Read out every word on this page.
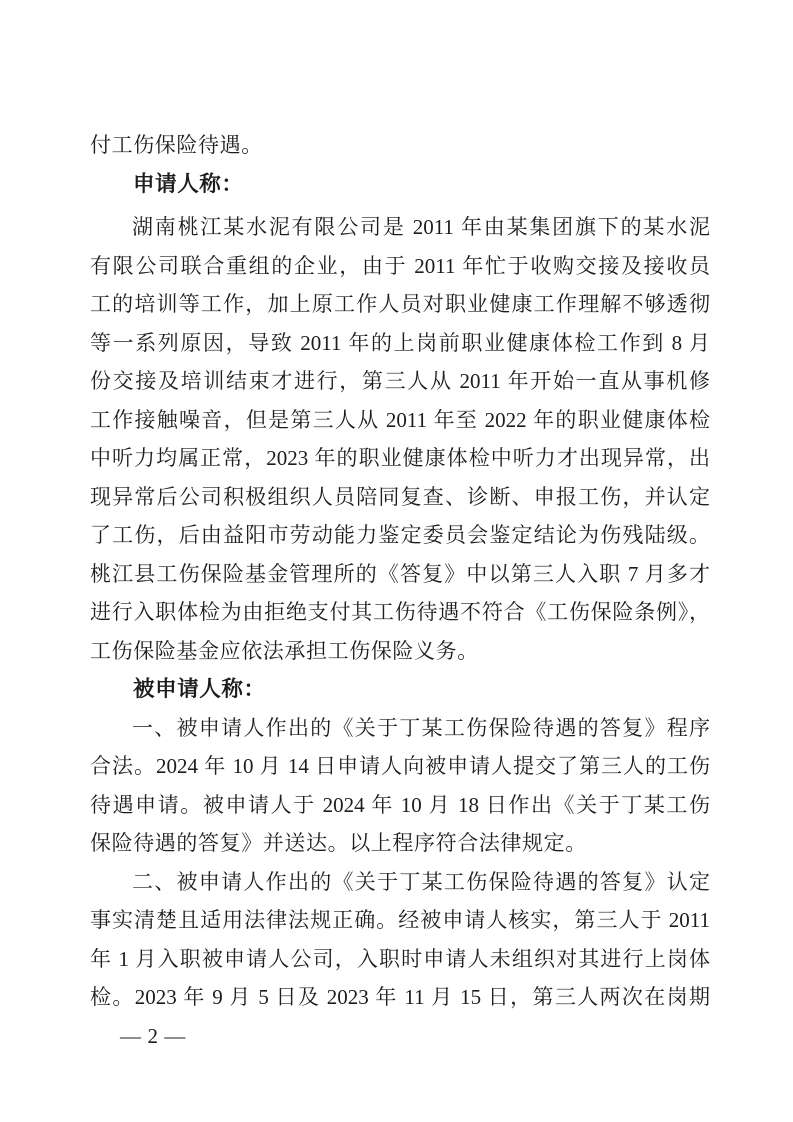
付工伤保险待遇。
申请人称：
湖南桃江某水泥有限公司是 2011 年由某集团旗下的某水泥
有限公司联合重组的企业，由于 2011 年忙于收购交接及接收员
工的培训等工作，加上原工作人员对职业健康工作理解不够透彻
等一系列原因，导致 2011 年的上岗前职业健康体检工作到 8 月
份交接及培训结束才进行，第三人从 2011 年开始一直从事机修
工作接触噪音，但是第三人从 2011 年至 2022 年的职业健康体检
中听力均属正常，2023 年的职业健康体检中听力才出现异常，出
现异常后公司积极组织人员陪同复查、诊断、申报工伤，并认定
了工伤，后由益阳市劳动能力鉴定委员会鉴定结论为伤残陆级。
桃江县工伤保险基金管理所的《答复》中以第三人入职 7 月多才
进行入职体检为由拒绝支付其工伤待遇不符合《工伤保险条例》，
工伤保险基金应依法承担工伤保险义务。
被申请人称：
一、被申请人作出的《关于丁某工伤保险待遇的答复》程序
合法。2024 年 10 月 14 日申请人向被申请人提交了第三人的工伤
待遇申请。被申请人于 2024 年 10 月 18 日作出《关于丁某工伤
保险待遇的答复》并送达。以上程序符合法律规定。
二、被申请人作出的《关于丁某工伤保险待遇的答复》认定
事实清楚且适用法律法规正确。经被申请人核实，第三人于 2011
年 1 月入职被申请人公司，入职时申请人未组织对其进行上岗体
检。2023 年 9 月 5 日及 2023 年 11 月 15 日，第三人两次在岗期
— 2 —
